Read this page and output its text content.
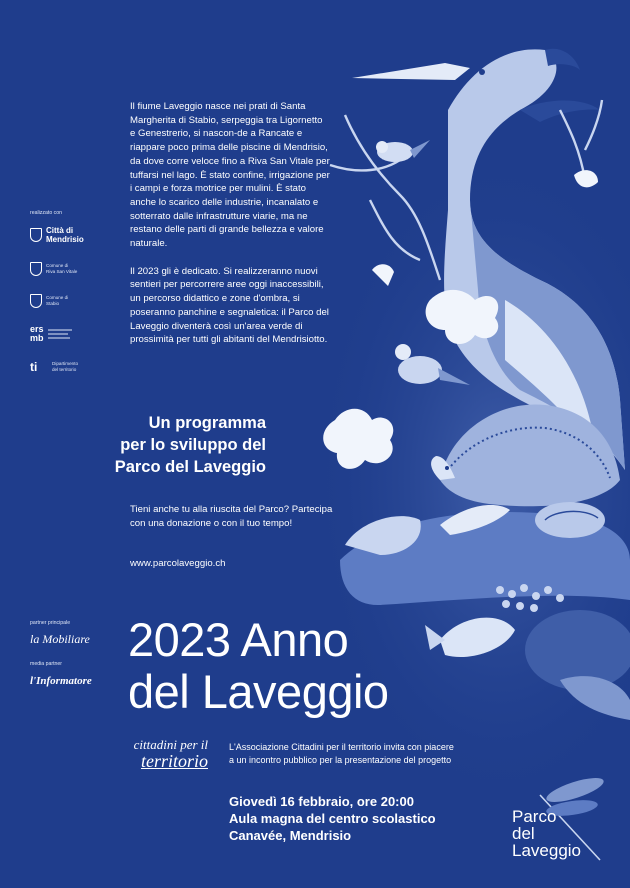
Il fiume Laveggio nasce nei prati di Santa Margherita di Stabio, serpeggia tra Ligornetto e Genestrerio, si nascon-de a Rancate e riappare poco prima delle piscine di Mendrisio, da dove corre veloce fino a Riva San Vitale per tuffarsi nel lago. È stato confine, irrigazione per i campi e forza motrice per mulini. È stato anche lo scarico delle industrie, incanalato e sotterrato dalle infrastrutture viarie, ma ne restano delle parti di grande bellezza e valore naturale.

Il 2023 gli è dedicato. Si realizzeranno nuovi sentieri per percorrere aree oggi inaccessibili, un percorso didattico e zone d'ombra, si poseranno panchine e segnaletica: il Parco del Laveggio diventerà così un'area verde di prossimità per tutti gli abitanti del Mendrisiotto.

Un programma
per lo sviluppo del
Parco del Laveggio
Tieni anche tu alla riuscita del Parco? Partecipa con una donazione o con il tuo tempo!
www.parcolaveggio.ch
realizzato con
Città di
Mendrisio
Comune di
Riva San Vitale
Comune di
Stabio
ers mb
ti	Dipartimento
del territorio
partner principale
la Mobiliare
media partner
l'Informatore
2023 Anno
del Laveggio
cittadini per il
territorio
L'Associazione Cittadini per il territorio invita con piacere a un incontro pubblico per la presentazione del progetto
Giovedì 16 febbraio, ore 20:00
Aula magna del centro scolastico
Canavée, Mendrisio
Parco
del
Laveggio
